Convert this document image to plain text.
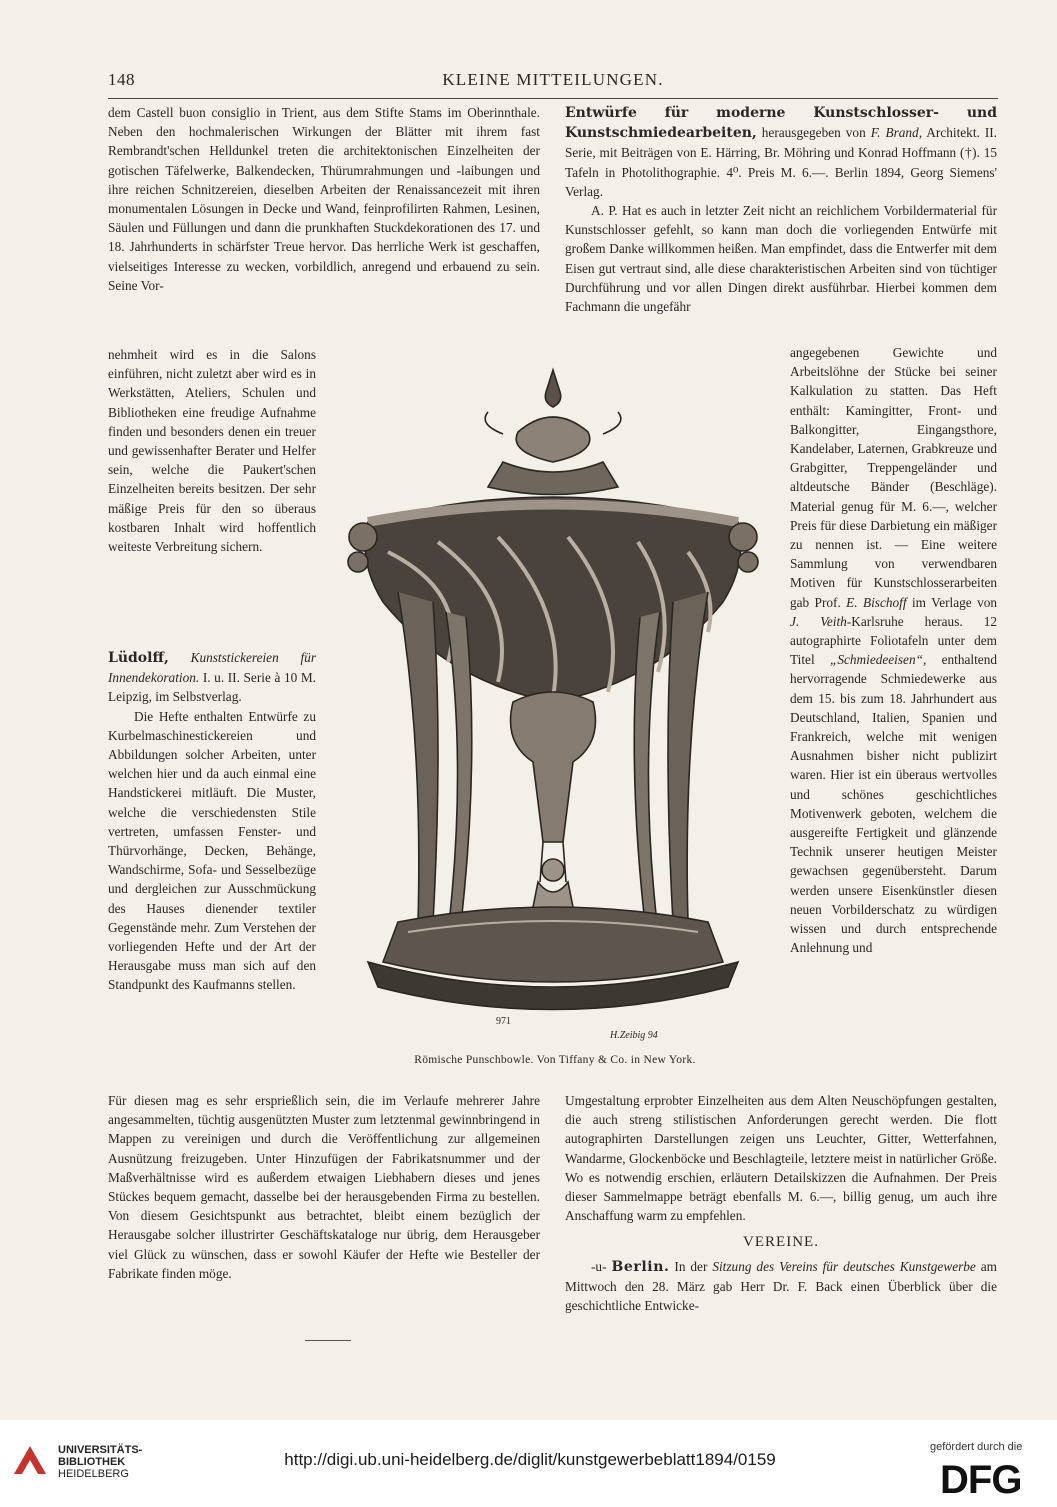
148	KLEINE MITTEILUNGEN.

dem Castell buon consiglio in Trient, aus dem Stifte Stams im Oberinnthale. Neben den hochmalerischen Wirkungen der Blätter mit ihrem fast Rembrandt'schen Helldunkel treten die architektonischen Einzelheiten der gotischen Täfelwerke, Balkendecken, Thürumrahmungen und -laibungen und ihre reichen Schnitzereien, dieselben Arbeiten der Renaissancezeit mit ihren monumentalen Lösungen in Decke und Wand, feinprofilirten Rahmen, Lesinen, Säulen und Füllungen und dann die prunkhaften Stuckdekorationen des 17. und 18. Jahrhunderts in schärfster Treue hervor. Das herrliche Werk ist geschaffen, vielseitiges Interesse zu wecken, vorbildlich, anregend und erbauend zu sein. Seine Vor-

nehmheit wird es in die Salons einführen, nicht zuletzt aber wird es in Werkstätten, Ateliers, Schulen und Bibliotheken eine freudige Aufnahme finden und besonders denen ein treuer und gewissenhafter Berater und Helfer sein, welche die Paukert'schen Einzelheiten bereits besitzen. Der sehr mäßige Preis für den so überaus kostbaren Inhalt wird hoffentlich weiteste Verbreitung sichern.

Lüdolff, Kunststickereien für Innendekoration. I. u. II. Serie à 10 M. Leipzig, im Selbstverlag.

Die Hefte enthalten Entwürfe zu Kurbelmaschinestickereien und Abbildungen solcher Arbeiten, unter welchen hier und da auch einmal eine Handstickerei mitläuft. Die Muster, welche die verschiedensten Stile vertreten, umfassen Fenster- und Thürvorhänge, Decken, Behänge, Wandschirme, Sofa- und Sesselbezüge und dergleichen zur Ausschmückung des Hauses dienender textiler Gegenstände mehr. Zum Verstehen der vorliegenden Hefte und der Art der Herausgabe muss man sich auf den Standpunkt des Kaufmanns stellen.

Für diesen mag es sehr ersprießlich sein, die im Verlaufe mehrerer Jahre angesammelten, tüchtig ausgenützten Muster zum letztenmal gewinnbringend in Mappen zu vereinigen und durch die Veröffentlichung zur allgemeinen Ausnützung freizugeben. Unter Hinzufügen der Fabrikatsnummer und der Maßverhältnisse wird es außerdem etwaigen Liebhabern dieses und jenes Stückes bequem gemacht, dasselbe bei der herausgebenden Firma zu bestellen. Von diesem Gesichtspunkt aus betrachtet, bleibt einem bezüglich der Herausgabe solcher illustrirter Geschäftskataloge nur übrig, dem Herausgeber viel Glück zu wünschen, dass er sowohl Käufer der Hefte wie Besteller der Fabrikate finden möge.

Entwürfe für moderne Kunstschlosser- und Kunstschmiedearbeiten, herausgegeben von F. Brand, Architekt. II. Serie, mit Beiträgen von E. Härring, Br. Möhring und Konrad Hoffmann (†). 15 Tafeln in Photolithographie. 4⁰. Preis M. 6.—. Berlin 1894, Georg Siemens' Verlag.

A. P. Hat es auch in letzter Zeit nicht an reichlichem Vorbildermaterial für Kunstschlosser gefehlt, so kann man doch die vorliegenden Entwürfe mit großem Danke willkommen heißen. Man empfindet, dass die Entwerfer mit dem Eisen gut vertraut sind, alle diese charakteristischen Arbeiten sind von tüchtiger Durchführung und vor allen Dingen direkt ausführbar. Hierbei kommen dem Fachmann die ungefähr

angegebenen Gewichte und Arbeitslöhne der Stücke bei seiner Kalkulation zu statten. Das Heft enthält: Kamingitter, Front- und Balkongitter, Eingangsthore, Kandelaber, Laternen, Grabkreuze und Grabgitter, Treppengeländer und altdeutsche Bänder (Beschläge). Material genug für M. 6.—, welcher Preis für diese Darbietung ein mäßiger zu nennen ist. — Eine weitere Sammlung von verwendbaren Motiven für Kunstschlosserarbeiten gab Prof. E. Bischoff im Verlage von J. Veith-Karlsruhe heraus. 12 autographirte Foliotafeln unter dem Titel „Schmiedeeisen“, enthaltend hervorragende Schmiedewerke aus dem 15. bis zum 18. Jahrhundert aus Deutschland, Italien, Spanien und Frankreich, welche mit wenigen Ausnahmen bisher nicht publizirt waren. Hier ist ein überaus wertvolles und schönes geschichtliches Motivenwerk geboten, welchem die ausgereifte Fertigkeit und glänzende Technik unserer heutigen Meister gewachsen gegenübersteht. Darum werden unsere Eisenkünstler diesen neuen Vorbilderschatz zu würdigen wissen und durch entsprechende Anlehnung und

Umgestaltung erprobter Einzelheiten aus dem Alten Neuschöpfungen gestalten, die auch streng stilistischen Anforderungen gerecht werden. Die flott autographirten Darstellungen zeigen uns Leuchter, Gitter, Wetterfahnen, Wandarme, Glockenböcke und Beschlagteile, letztere meist in natürlicher Größe. Wo es notwendig erschien, erläutern Detailskizzen die Aufnahmen. Der Preis dieser Sammelmappe beträgt ebenfalls M. 6.—, billig genug, um auch ihre Anschaffung warm zu empfehlen.

VEREINE.

-u- Berlin. In der Sitzung des Vereins für deutsches Kunstgewerbe am Mittwoch den 28. März gab Herr Dr. F. Back einen Überblick über die geschichtliche Entwicke-

971
H.Zeibig 94
Römische Punschbowle. Von Tiffany & Co. in New York.
UNIVERSITÄTS-
BIBLIOTHEK
HEIDELBERG
http://digi.ub.uni-heidelberg.de/diglit/kunstgewerbeblatt1894/0159
gefördert durch die
DFG
